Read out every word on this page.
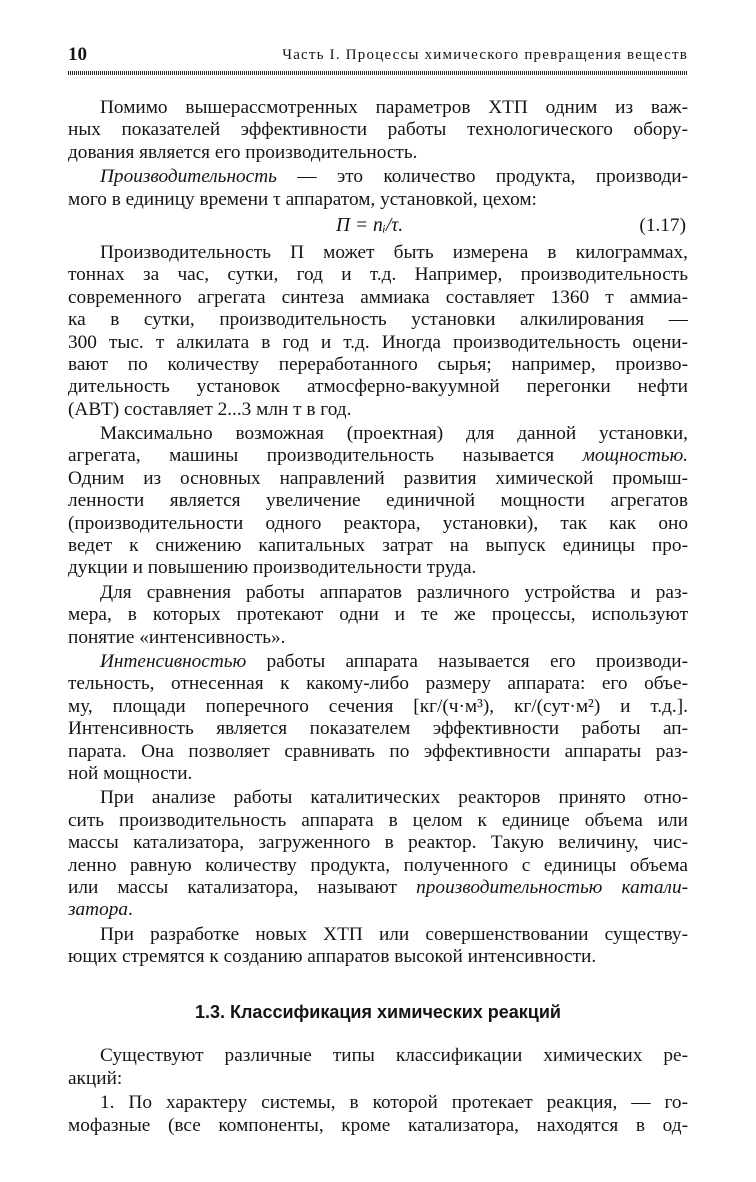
10	Часть I. Процессы химического превращения веществ
Помимо вышерассмотренных параметров ХТП одним из важ-
ных показателей эффективности работы технологического обору-
дования является его производительность.
Производительность — это количество продукта, производи-
мого в единицу времени τ аппаратом, установкой, цехом:
П = nᵢ/τ.	(1.17)
Производительность П может быть измерена в килограммах,
тоннах за час, сутки, год и т.д. Например, производительность
современного агрегата синтеза аммиака составляет 1360 т аммиа-
ка в сутки, производительность установки алкилирования —
300 тыс. т алкилата в год и т.д. Иногда производительность оцени-
вают по количеству переработанного сырья; например, произво-
дительность установок атмосферно-вакуумной перегонки нефти
(АВТ) составляет 2...3 млн т в год.
Максимально возможная (проектная) для данной установки,
агрегата, машины производительность называется мощностью.
Одним из основных направлений развития химической промыш-
ленности является увеличение единичной мощности агрегатов
(производительности одного реактора, установки), так как оно
ведет к снижению капитальных затрат на выпуск единицы про-
дукции и повышению производительности труда.
Для сравнения работы аппаратов различного устройства и раз-
мера, в которых протекают одни и те же процессы, используют
понятие «интенсивность».
Интенсивностью работы аппарата называется его производи-
тельность, отнесенная к какому-либо размеру аппарата: его объе-
му, площади поперечного сечения [кг/(ч·м³), кг/(сут·м²) и т.д.].
Интенсивность является показателем эффективности работы ап-
парата. Она позволяет сравнивать по эффективности аппараты раз-
ной мощности.
При анализе работы каталитических реакторов принято отно-
сить производительность аппарата в целом к единице объема или
массы катализатора, загруженного в реактор. Такую величину, чис-
ленно равную количеству продукта, полученного с единицы объема
или массы катализатора, называют производительностью катали-
затора.
При разработке новых ХТП или совершенствовании существу-
ющих стремятся к созданию аппаратов высокой интенсивности.
1.3. Классификация химических реакций
Существуют различные типы классификации химических ре-
акций:
1. По характеру системы, в которой протекает реакция, — го-
мофазные (все компоненты, кроме катализатора, находятся в од-
